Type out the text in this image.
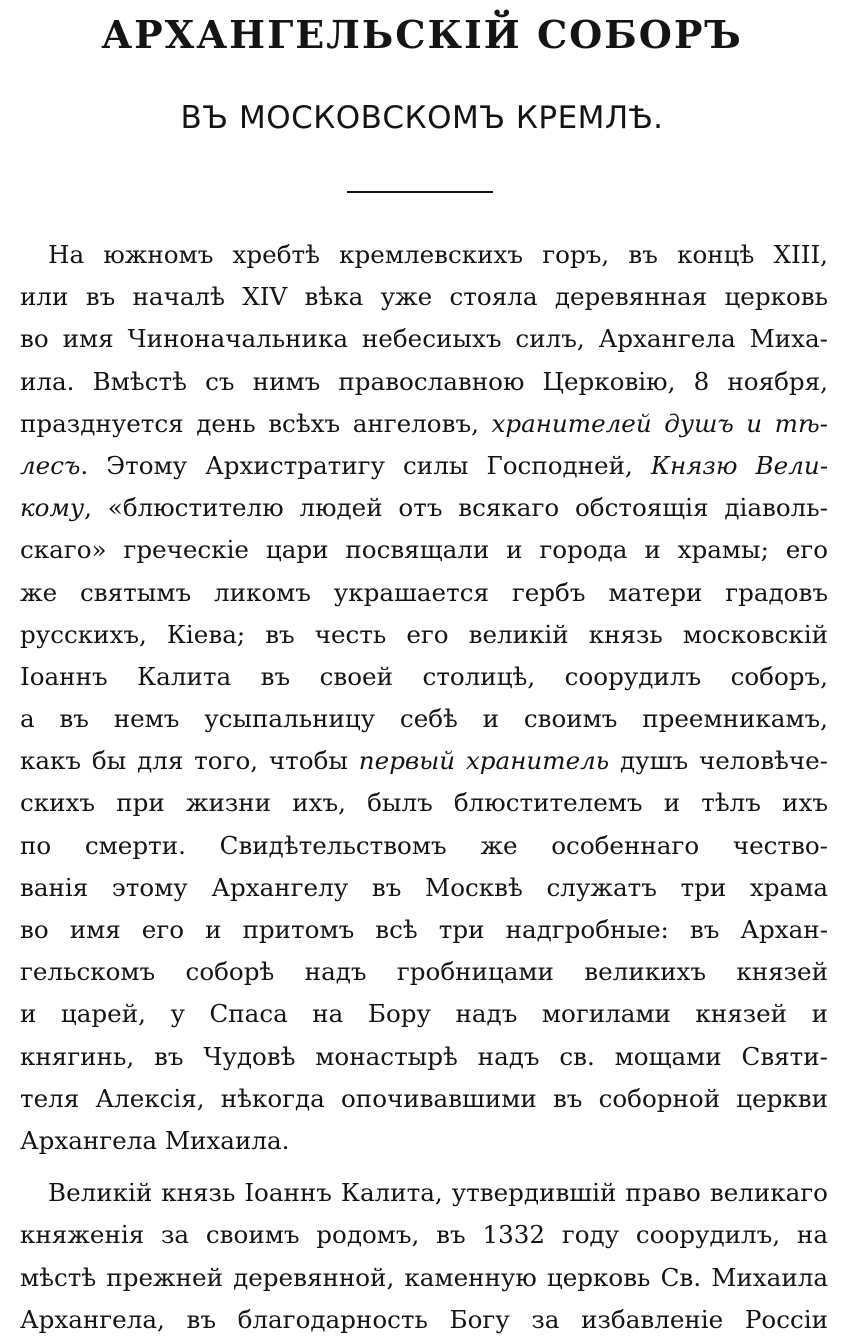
АРХАНГЕЛЬСКІЙ СОБОРЪ
ВЪ МОСКОВСКОМЪ КРЕМЛѢ.
На южномъ хребтѣ кремлевскихъ горъ, въ концѣ XIII,
или въ началѣ XIV вѣка уже стояла деревянная церковь
во имя Чиноначальника небесиыхъ силъ, Архангела Миха-
ила. Вмѣстѣ съ нимъ православною Церковію, 8 ноября,
празднуется день всѣхъ ангеловъ, хранителей душъ и тѣ-
лесъ. Этому Архистратигу силы Господней, Князю Вели-
кому, «блюстителю людей отъ всякаго обстоящія діаволь-
скаго» греческіе цари посвящали и города и храмы; его
же святымъ ликомъ украшается гербъ матери градовъ
русскихъ, Кіева; въ честь его великій князь московскій
Іоаннъ Калита въ своей столицѣ, соорудилъ соборъ,
а въ немъ усыпальницу себѣ и своимъ преемникамъ,
какъ бы для того, чтобы первый хранитель душъ человѣче-
скихъ при жизни ихъ, былъ блюстителемъ и тѣлъ ихъ
по смерти. Свидѣтельствомъ же особеннаго чество-
ванія этому Архангелу въ Москвѣ служатъ три храма
во имя его и притомъ всѣ три надгробные: въ Архан-
гельскомъ соборѣ надъ гробницами великихъ князей
и царей, у Спаса на Бору надъ могилами князей и
княгинь, въ Чудовѣ монастырѣ надъ св. мощами Святи-
теля Алексія, нѣкогда опочивавшими въ соборной церкви
Архангела Михаила.
Великій князь Іоаннъ Калита, утвердившій право великаго
княженія за своимъ родомъ, въ 1332 году соорудилъ, на
мѣстѣ прежней деревянной, каменную церковь Св. Михаила
Архангела, въ благодарность Богу за избавленіе Россіи
